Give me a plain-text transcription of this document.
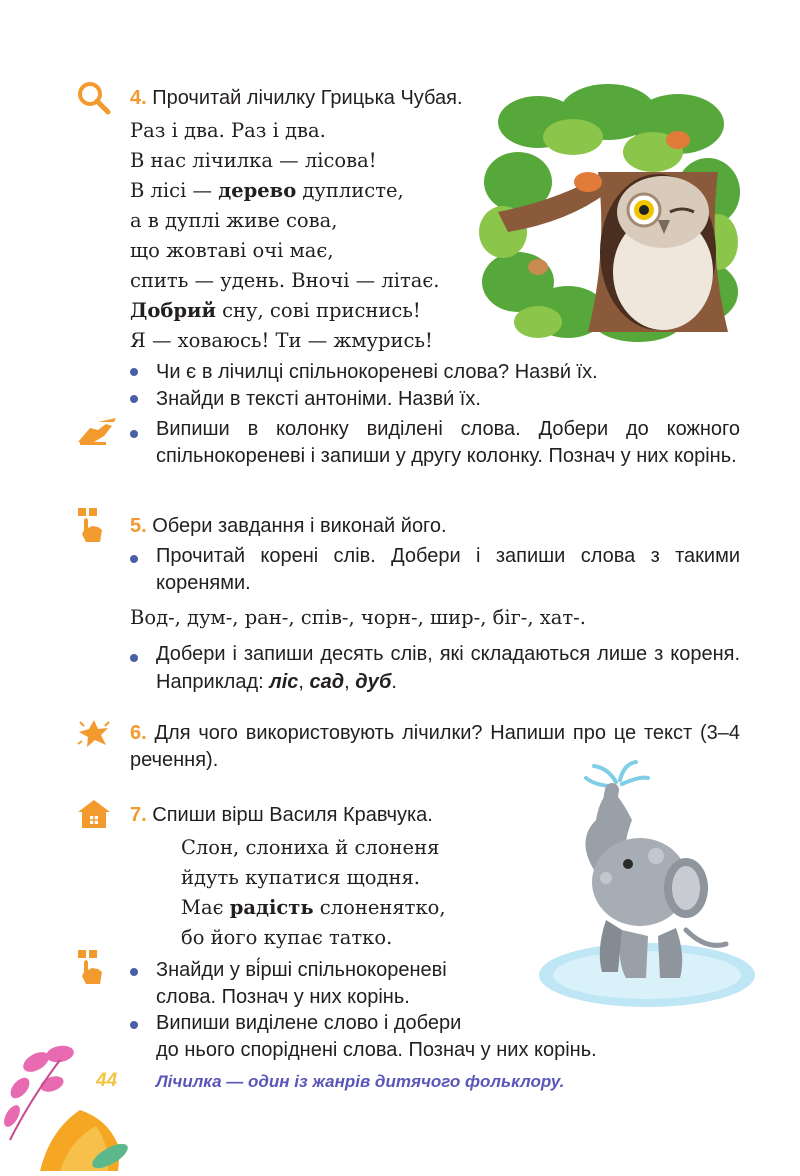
4. Прочитай лічилку Грицька Чубая.
Раз і два. Раз і два.
В нас лічилка — лісова!
В лісі — дерево дуплисте,
а в дуплі живе сова,
що жовтаві очі має,
спить — удень. Вночі — літає.
Добрий сну, сові приснись!
Я — ховаюсь! Ти — жмурись!
Чи є в лічилці спільнокореневі слова? Назви́ їх.
Знайди в тексті антоніми. Назви́ їх.
Випиши в колонку виділені слова. Добери до кожного спільнокореневі і запиши у другу колонку. Познач у них корінь.
5. Обери завдання і виконай його.
Прочитай корені слів. Добери і запиши слова з такими коренями.
Вод-, дум-, ран-, спів-, чорн-, шир-, біг-, хат-.
Добери і запиши десять слів, які складаються лише з кореня. Наприклад: ліс, сад, дуб.
6. Для чого використовують лічилки? Напиши про це текст (3–4 речення).
7. Спиши вірш Василя Кравчука.
Слон, слониха й слоненя
йдуть купатися щодня.
Має радість слоненятко,
бо його купає татко.
Знайди у ві́рші спільнокореневі
слова. Познач у них корінь.
Випиши виділене слово і добери
до нього споріднені слова. Познач у них корінь.
44 Лічилка — один із жанрів дитячого фольклору.
